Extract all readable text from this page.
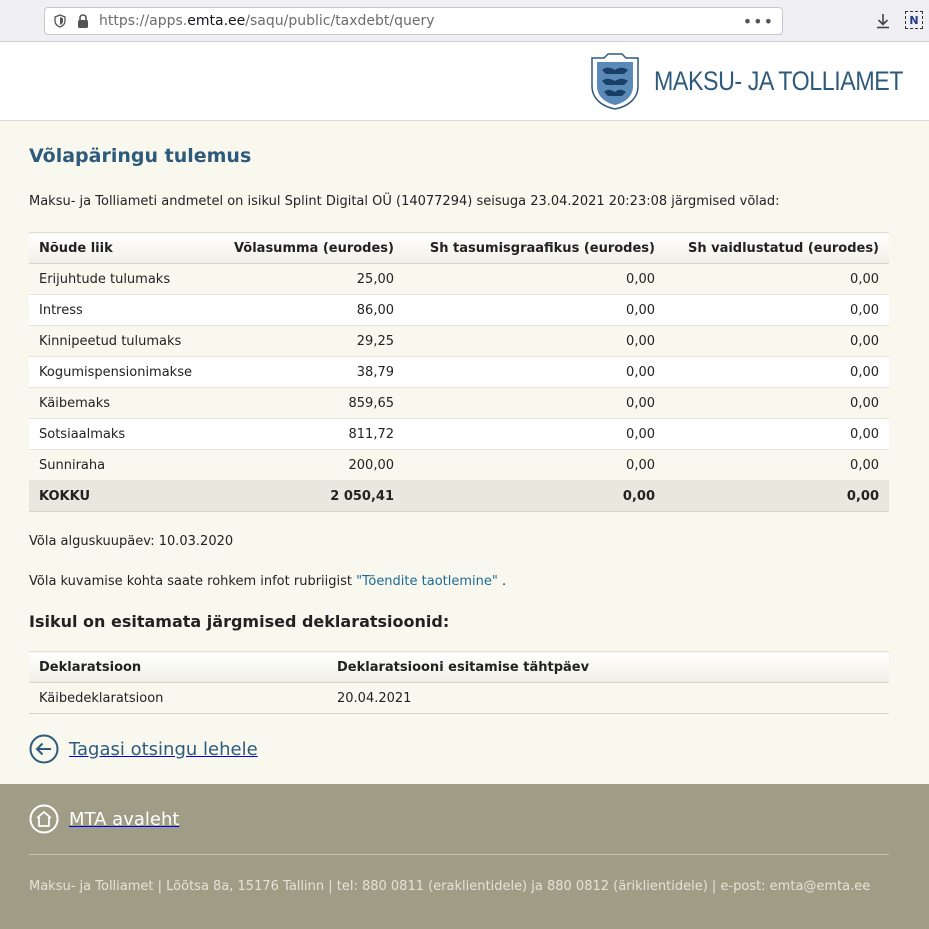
https://apps.emta.ee/saqu/public/taxdebt/query	•••	N
MAKSU- JA TOLLIAMET
Võlapäringu tulemus

Maksu- ja Tolliameti andmetel on isikul Splint Digital OÜ (14077294) seisuga 23.04.2021 20:23:08 järgmised võlad:

Nõude liik	Võlasumma (eurodes)	Sh tasumisgraafikus (eurodes)	Sh vaidlustatud (eurodes)
Erijuhtude tulumaks	25,00	0,00	0,00
Intress	86,00	0,00	0,00
Kinnipeetud tulumaks	29,25	0,00	0,00
Kogumispensionimakse	38,79	0,00	0,00
Käibemaks	859,65	0,00	0,00
Sotsiaalmaks	811,72	0,00	0,00
Sunniraha	200,00	0,00	0,00
KOKKU	2 050,41	0,00	0,00

Võla alguskuupäev: 10.03.2020

Võla kuvamise kohta saate rohkem infot rubriigist "Tõendite taotlemine" .

Isikul on esitamata järgmised deklaratsioonid:
Deklaratsioon	Deklaratsiooni esitamise tähtpäev
Käibedeklaratsioon	20.04.2021
Tagasi otsingu lehele
MTA avaleht

Maksu- ja Tolliamet | Lõõtsa 8a, 15176 Tallinn | tel: 880 0811 (eraklientidele) ja 880 0812 (äriklientidele) | e-post: emta@emta.ee
